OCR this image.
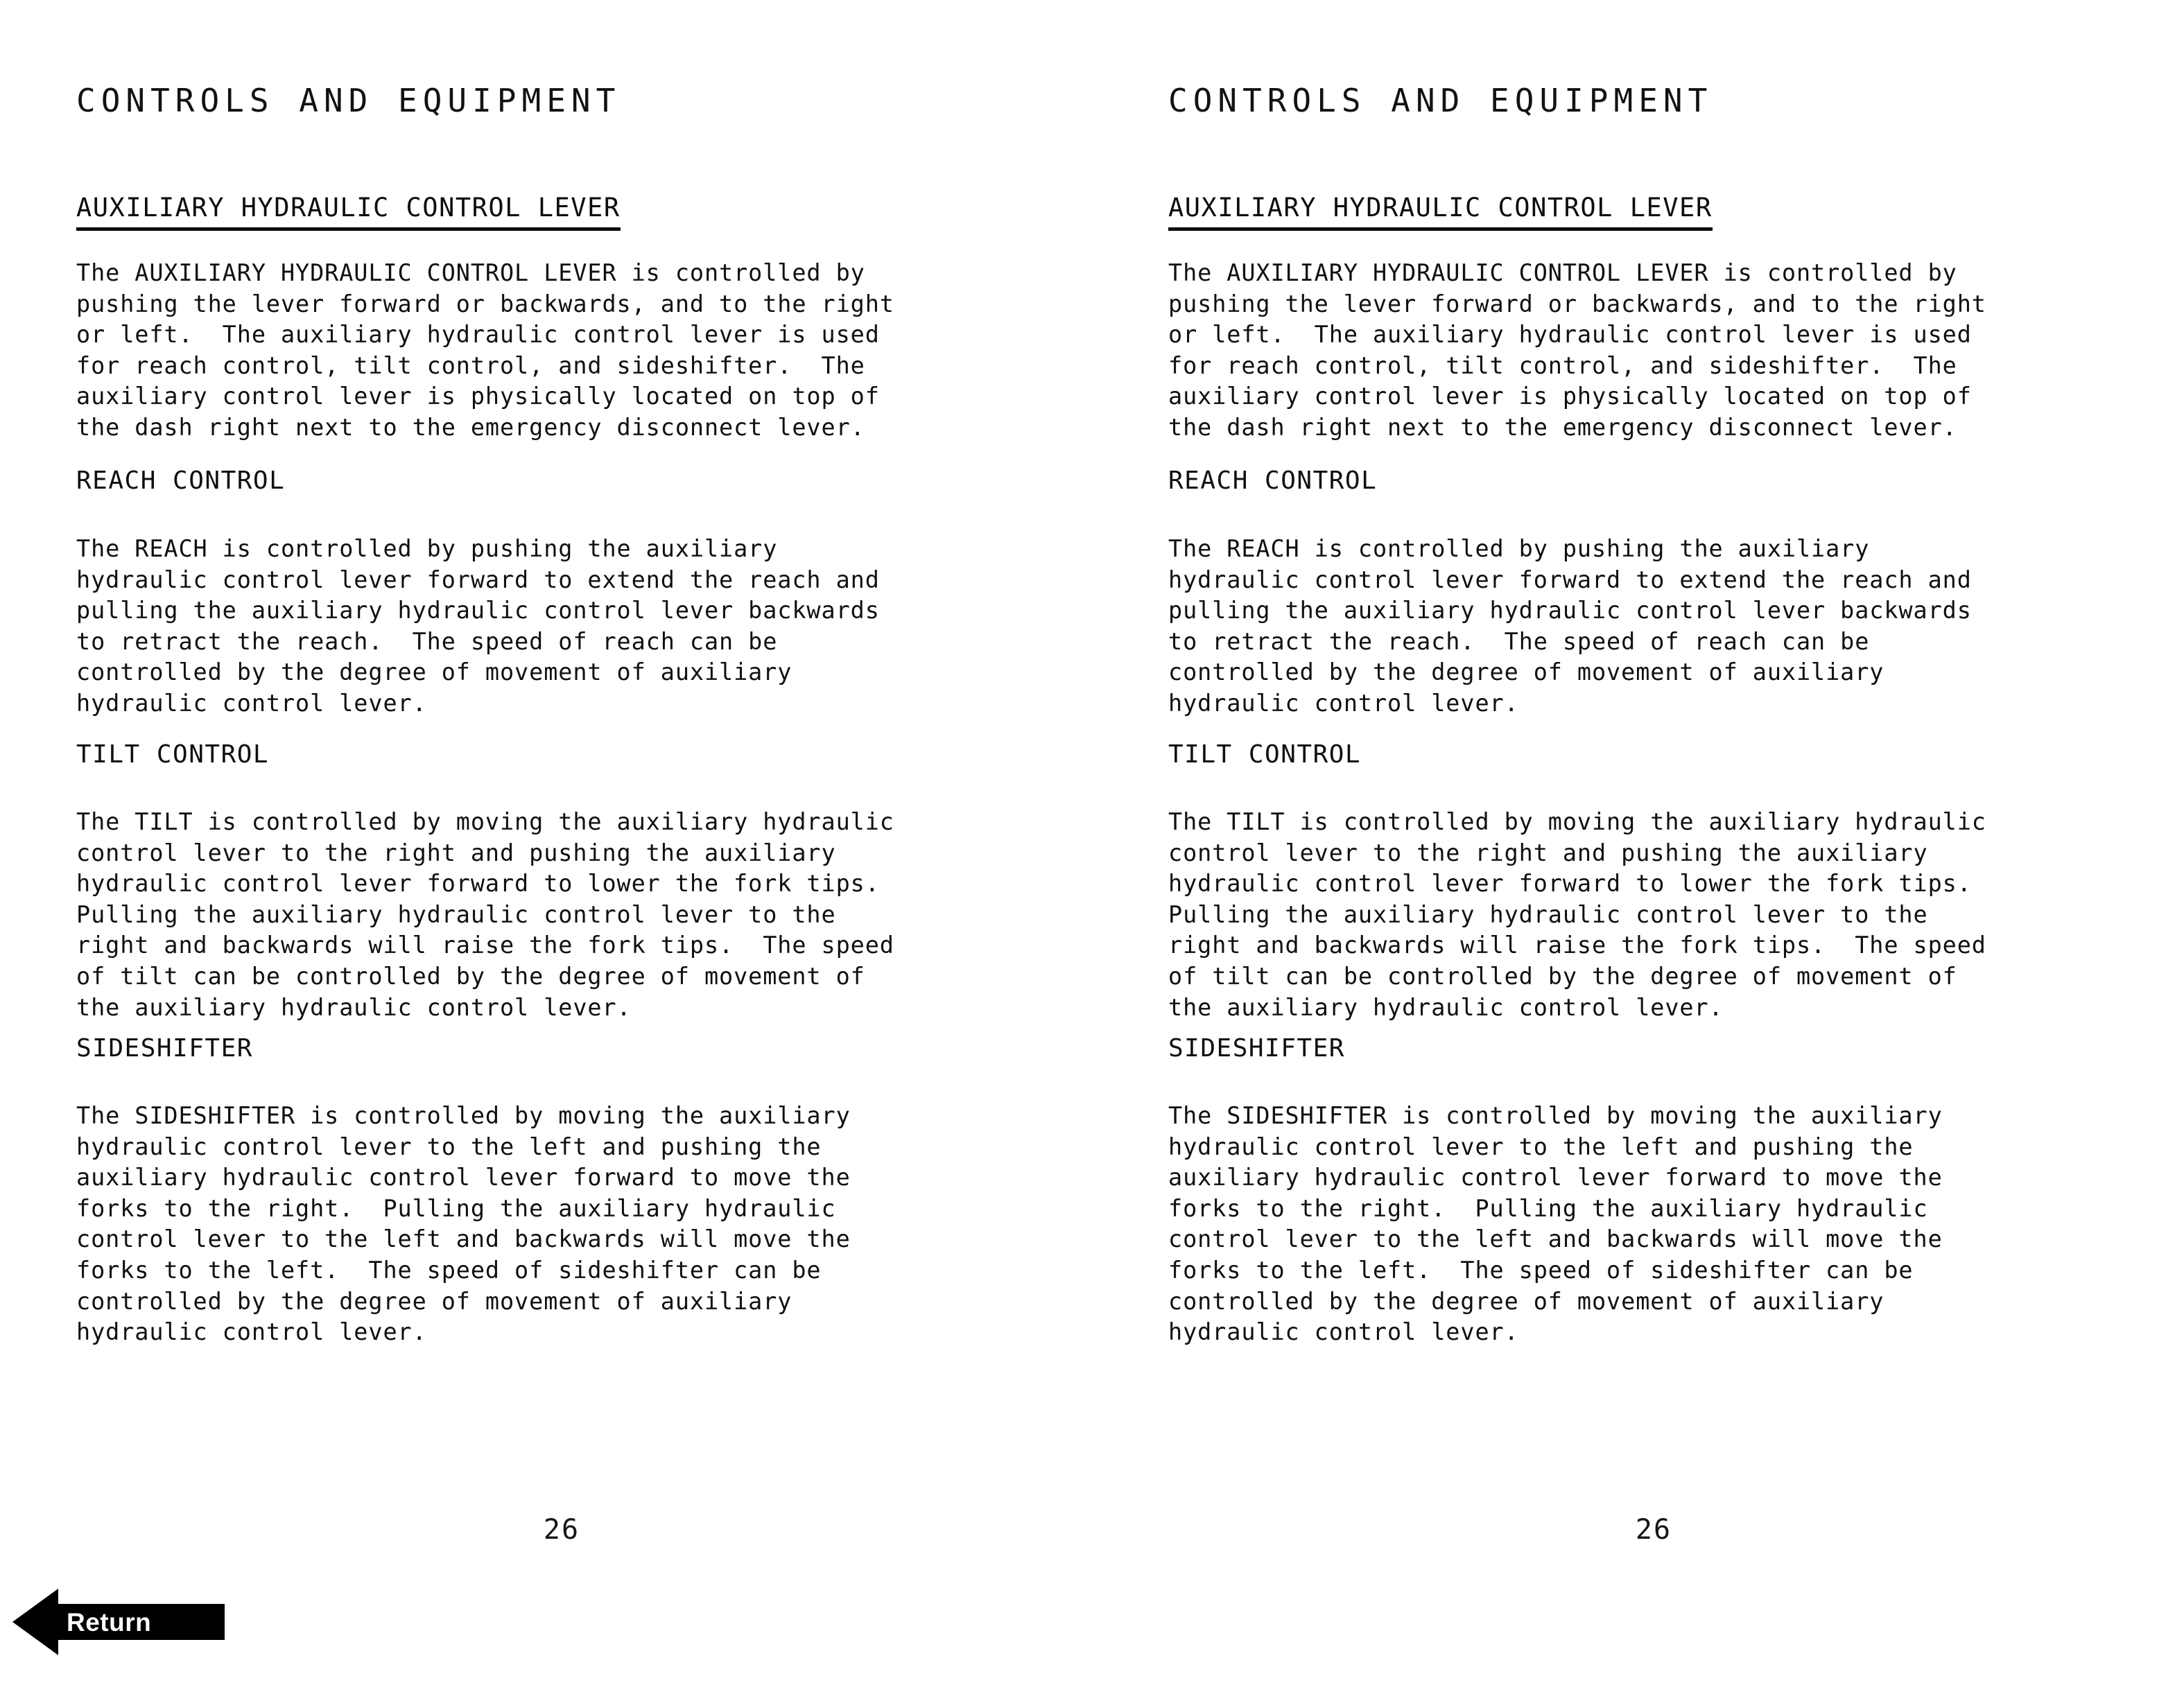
CONTROLS AND EQUIPMENT
AUXILIARY HYDRAULIC CONTROL LEVER
The AUXILIARY HYDRAULIC CONTROL LEVER is controlled by
pushing the lever forward or backwards, and to the right
or left.  The auxiliary hydraulic control lever is used
for reach control, tilt control, and sideshifter.  The
auxiliary control lever is physically located on top of
the dash right next to the emergency disconnect lever.
REACH CONTROL
The REACH is controlled by pushing the auxiliary
hydraulic control lever forward to extend the reach and
pulling the auxiliary hydraulic control lever backwards
to retract the reach.  The speed of reach can be
controlled by the degree of movement of auxiliary
hydraulic control lever.
TILT CONTROL
The TILT is controlled by moving the auxiliary hydraulic
control lever to the right and pushing the auxiliary
hydraulic control lever forward to lower the fork tips.
Pulling the auxiliary hydraulic control lever to the
right and backwards will raise the fork tips.  The speed
of tilt can be controlled by the degree of movement of
the auxiliary hydraulic control lever.
SIDESHIFTER
The SIDESHIFTER is controlled by moving the auxiliary
hydraulic control lever to the left and pushing the
auxiliary hydraulic control lever forward to move the
forks to the right.  Pulling the auxiliary hydraulic
control lever to the left and backwards will move the
forks to the left.  The speed of sideshifter can be
controlled by the degree of movement of auxiliary
hydraulic control lever.
26
CONTROLS AND EQUIPMENT
AUXILIARY HYDRAULIC CONTROL LEVER
The AUXILIARY HYDRAULIC CONTROL LEVER is controlled by
pushing the lever forward or backwards, and to the right
or left.  The auxiliary hydraulic control lever is used
for reach control, tilt control, and sideshifter.  The
auxiliary control lever is physically located on top of
the dash right next to the emergency disconnect lever.
REACH CONTROL
The REACH is controlled by pushing the auxiliary
hydraulic control lever forward to extend the reach and
pulling the auxiliary hydraulic control lever backwards
to retract the reach.  The speed of reach can be
controlled by the degree of movement of auxiliary
hydraulic control lever.
TILT CONTROL
The TILT is controlled by moving the auxiliary hydraulic
control lever to the right and pushing the auxiliary
hydraulic control lever forward to lower the fork tips.
Pulling the auxiliary hydraulic control lever to the
right and backwards will raise the fork tips.  The speed
of tilt can be controlled by the degree of movement of
the auxiliary hydraulic control lever.
SIDESHIFTER
The SIDESHIFTER is controlled by moving the auxiliary
hydraulic control lever to the left and pushing the
auxiliary hydraulic control lever forward to move the
forks to the right.  Pulling the auxiliary hydraulic
control lever to the left and backwards will move the
forks to the left.  The speed of sideshifter can be
controlled by the degree of movement of auxiliary
hydraulic control lever.
26
Return
